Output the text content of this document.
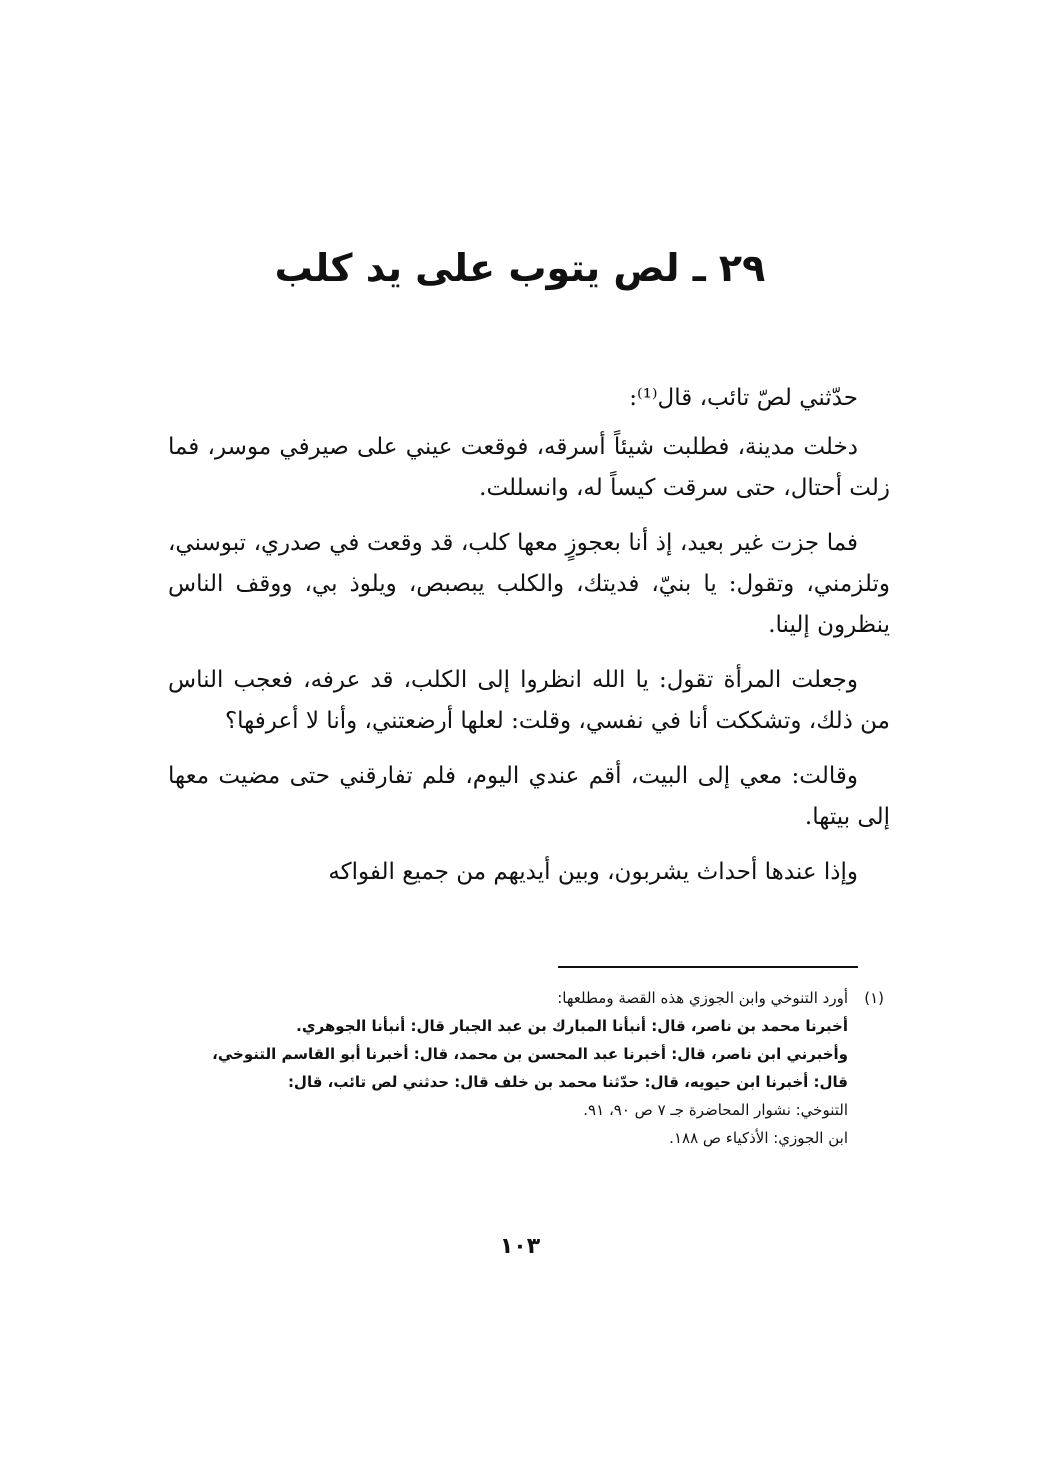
٢٩ ـ لص يتوب على يد كلب

حدّثني لصّ تائب، قال⁽¹⁾:

دخلت مدينة، فطلبت شيئاً أسرقه، فوقعت عيني على صيرفي موسر، فما زلت أحتال، حتى سرقت كيساً له، وانسللت.

فما جزت غير بعيد، إذ أنا بعجوزٍ معها كلب، قد وقعت في صدري، تبوسني، وتلزمني، وتقول: يا بنيّ، فديتك، والكلب يبصبص، ويلوذ بي، ووقف الناس ينظرون إلينا.

وجعلت المرأة تقول: يا الله انظروا إلى الكلب، قد عرفه، فعجب الناس من ذلك، وتشككت أنا في نفسي، وقلت: لعلها أرضعتني، وأنا لا أعرفها؟

وقالت: معي إلى البيت، أقم عندي اليوم، فلم تفارقني حتى مضيت معها إلى بيتها.

وإذا عندها أحداث يشربون، وبين أيديهم من جميع الفواكه

(١)
أورد التنوخي وابن الجوزي هذه القصة ومطلعها:
أخبرنا محمد بن ناصر، قال: أنبأنا المبارك بن عبد الجبار قال: أنبأنا الجوهري.
وأخبرني ابن ناصر، قال: أخبرنا عبد المحسن بن محمد، قال: أخبرنا أبو القاسم التنوخي،
قال: أخبرنا ابن حيويه، قال: حدّثنا محمد بن خلف قال: حدثني لص تائب، قال:
التنوخي: نشوار المحاضرة جـ ٧ ص ٩٠، ٩١.
ابن الجوزي: الأذكياء ص ١٨٨.
١٠٣
